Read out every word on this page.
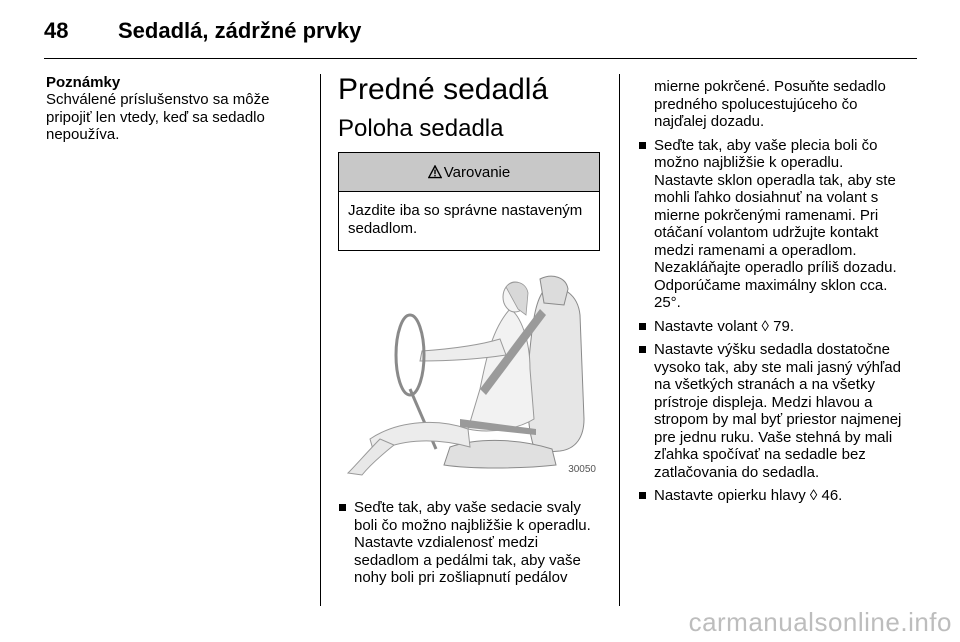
48 Sedadlá, zádržné prvky
Poznámky
Schválené príslušenstvo sa môže pripojiť len vtedy, keď sa sedadlo nepoužíva.
Predné sedadlá
Poloha sedadla
Varovanie
Jazdite iba so správne nastaveným sedadlom.
30050
Seďte tak, aby vaše sedacie svaly boli čo možno najbližšie k operadlu. Nastavte vzdialenosť medzi sedadlom a pedálmi tak, aby vaše nohy boli pri zošliapnutí pedálov
mierne pokrčené. Posuňte sedadlo predného spolucestujúceho čo najďalej dozadu.
Seďte tak, aby vaše plecia boli čo možno najbližšie k operadlu. Nastavte sklon operadla tak, aby ste mohli ľahko dosiahnuť na volant s mierne pokrčenými ramenami. Pri otáčaní volantom udržujte kontakt medzi ramenami a operadlom. Nezakláňajte operadlo príliš dozadu. Odporúčame maximálny sklon cca. 25°.
Nastavte volant ◊ 79.
Nastavte výšku sedadla dostatočne vysoko tak, aby ste mali jasný výhľad na všetkých stranách a na všetky prístroje displeja. Medzi hlavou a stropom by mal byť priestor najmenej pre jednu ruku. Vaše stehná by mali zľahka spočívať na sedadle bez zatlačovania do sedadla.
Nastavte opierku hlavy ◊ 46.
carmanualsonline.info
